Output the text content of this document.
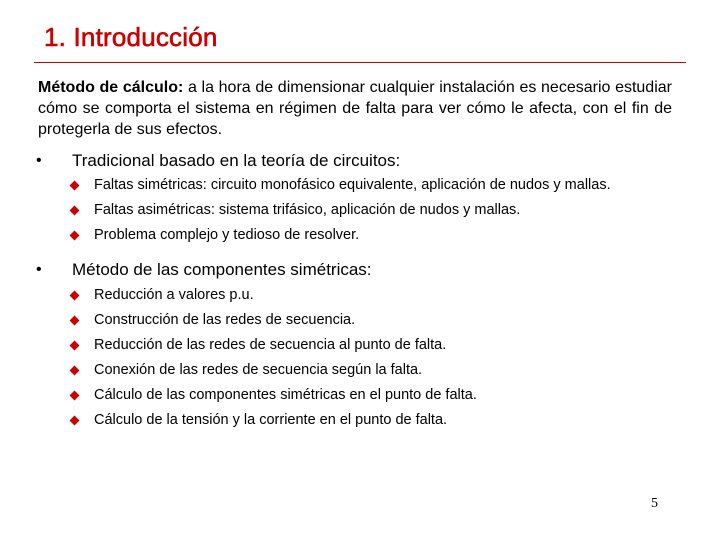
1. Introducción

Método de cálculo: a la hora de dimensionar cualquier instalación es necesario estudiar cómo se comporta el sistema en régimen de falta para ver cómo le afecta, con el fin de protegerla de sus efectos.

• Tradicional basado en la teoría de circuitos:
Faltas simétricas: circuito monofásico equivalente, aplicación de nudos y mallas.
Faltas asimétricas: sistema trifásico, aplicación de nudos y mallas.
Problema complejo y tedioso de resolver.
• Método de las componentes simétricas:
Reducción a valores p.u.
Construcción de las redes de secuencia.
Reducción de las redes de secuencia al punto de falta.
Conexión de las redes de secuencia según la falta.
Cálculo de las componentes simétricas en el punto de falta.
Cálculo de la tensión y la corriente en el punto de falta.
5
